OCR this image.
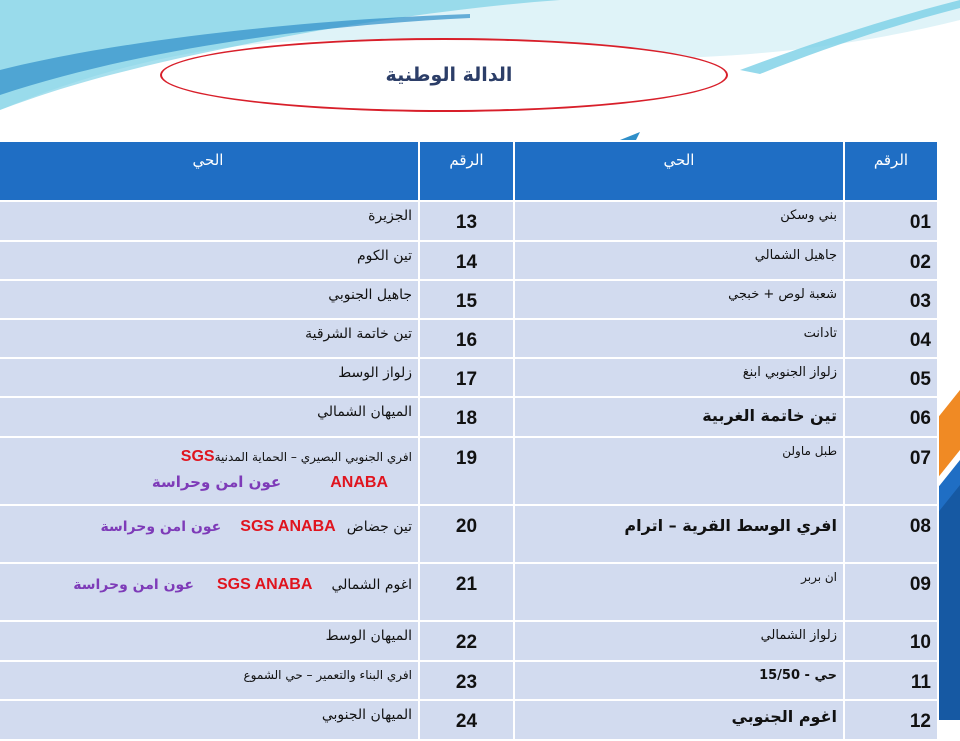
الدالة الوطنية
الرقم	الحي	الرقم	الحي

01	بني وسكن	13	الجزيرة

02	جاهيل الشمالي	14	تين الكوم

03	شعبة لوص + خبجي	15	جاهيل الجنوبي

04	تادانت	16	تين خاتمة الشرقية

05	زلواز الجنوبي ابنغ	17	زلواز الوسط

06	تين خاتمة الغربية	18	الميهان الشمالي

07	طبل ماولن	19	افري الجنوبي البصيري – الحماية المدنيةSGS
ANABA عون امن وحراسة

08	افري الوسط القرية – اترام	20	تين جضاض SGS ANABA عون امن وحراسة

09	ان بربر	21	اغوم الشمالي SGS ANABA عون امن وحراسة

10	زلواز الشمالي	22	الميهان الوسط

11	حي - 15/50	23	افري البناء والتعمير – حي الشموع

12	اغوم الجنوبي	24	الميهان الجنوبي
